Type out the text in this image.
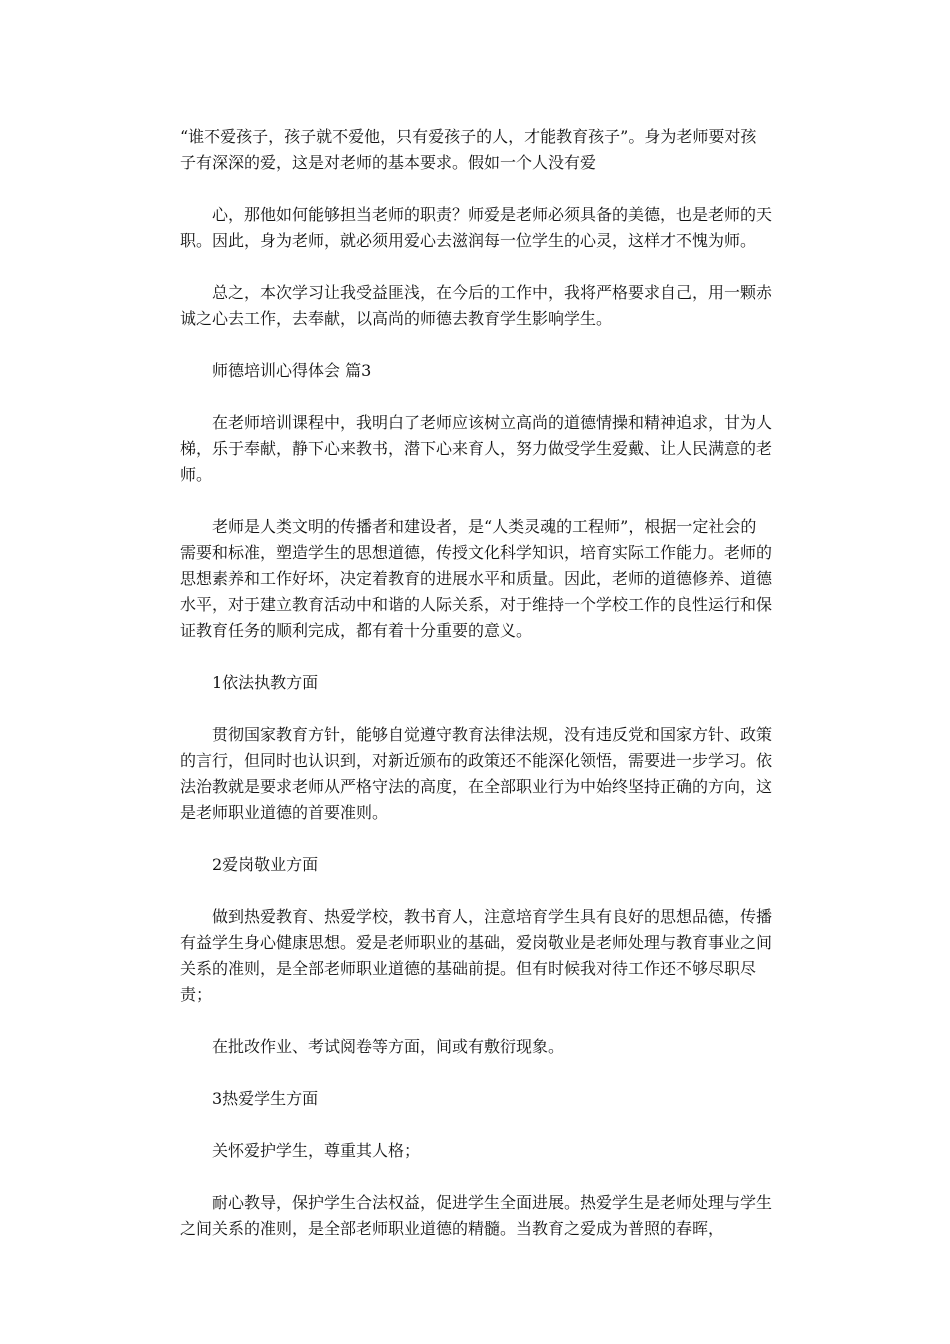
“谁不爱孩子，孩子就不爱他，只有爱孩子的人，才能教育孩子”。身为老师要对孩子有深深的爱，这是对老师的基本要求。假如一个人没有爱

心，那他如何能够担当老师的职责？师爱是老师必须具备的美德，也是老师的天职。因此，身为老师，就必须用爱心去滋润每一位学生的心灵，这样才不愧为师。

总之，本次学习让我受益匪浅，在今后的工作中，我将严格要求自己，用一颗赤诚之心去工作，去奉献，以高尚的师德去教育学生影响学生。

师德培训心得体会 篇3

在老师培训课程中，我明白了老师应该树立高尚的道德情操和精神追求，甘为人梯，乐于奉献，静下心来教书，潜下心来育人，努力做受学生爱戴、让人民满意的老师。

老师是人类文明的传播者和建设者，是“人类灵魂的工程师”，根据一定社会的需要和标准，塑造学生的思想道德，传授文化科学知识，培育实际工作能力。老师的思想素养和工作好坏，决定着教育的进展水平和质量。因此，老师的道德修养、道德水平，对于建立教育活动中和谐的人际关系，对于维持一个学校工作的良性运行和保证教育任务的顺利完成，都有着十分重要的意义。

1依法执教方面

贯彻国家教育方针，能够自觉遵守教育法律法规，没有违反党和国家方针、政策的言行，但同时也认识到，对新近颁布的政策还不能深化领悟，需要进一步学习。依法治教就是要求老师从严格守法的高度，在全部职业行为中始终坚持正确的方向，这是老师职业道德的首要准则。

2爱岗敬业方面

做到热爱教育、热爱学校，教书育人，注意培育学生具有良好的思想品德，传播有益学生身心健康思想。爱是老师职业的基础，爱岗敬业是老师处理与教育事业之间关系的准则，是全部老师职业道德的基础前提。但有时候我对待工作还不够尽职尽责；

在批改作业、考试阅卷等方面，间或有敷衍现象。

3热爱学生方面

关怀爱护学生，尊重其人格；

耐心教导，保护学生合法权益，促进学生全面进展。热爱学生是老师处理与学生之间关系的准则，是全部老师职业道德的精髓。当教育之爱成为普照的春晖，
